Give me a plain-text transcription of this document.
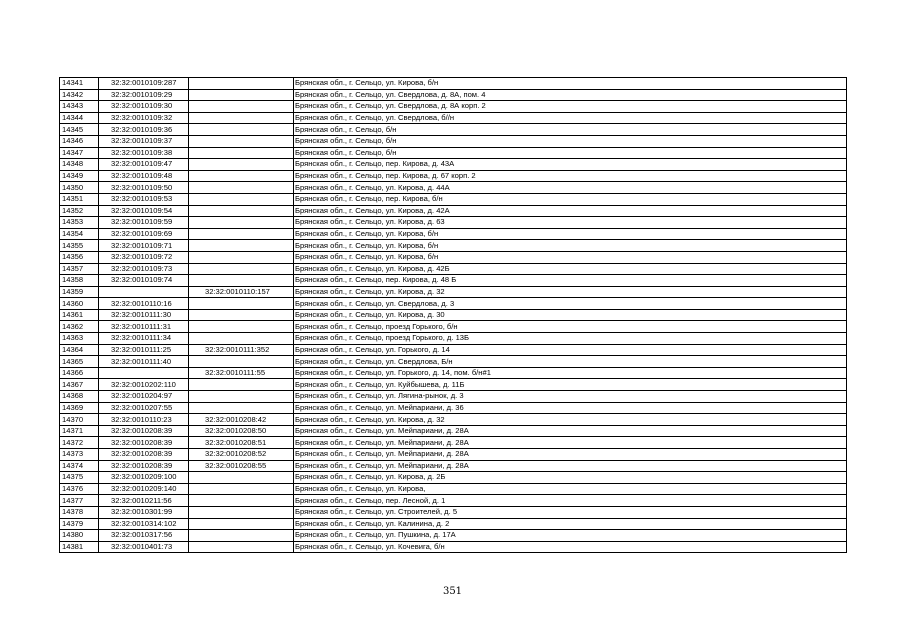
14341	32:32:0010109:287		Брянская обл., г. Сельцо, ул. Кирова, б/н
14342	32:32:0010109:29		Брянская обл., г. Сельцо, ул. Свердлова, д. 8А, пом. 4
14343	32:32:0010109:30		Брянская обл., г. Сельцо, ул. Свердлова, д. 8А корп. 2
14344	32:32:0010109:32		Брянская обл., г. Сельцо, ул. Свердлова, б//н
14345	32:32:0010109:36		Брянская обл., г. Сельцо, б/н
14346	32:32:0010109:37		Брянская обл., г. Сельцо, б/н
14347	32:32:0010109:38		Брянская обл., г. Сельцо, б/н
14348	32:32:0010109:47		Брянская обл., г. Сельцо, пер. Кирова, д. 43А
14349	32:32:0010109:48		Брянская обл., г. Сельцо, пер. Кирова, д. 67 корп. 2
14350	32:32:0010109:50		Брянская обл., г. Сельцо, ул. Кирова, д. 44А
14351	32:32:0010109:53		Брянская обл., г. Сельцо, пер. Кирова, б/н
14352	32:32:0010109:54		Брянская обл., г. Сельцо, ул. Кирова, д. 42А
14353	32:32:0010109:59		Брянская обл., г. Сельцо, ул. Кирова, д. 63
14354	32:32:0010109:69		Брянская обл., г. Сельцо, ул. Кирова, б/н
14355	32:32:0010109:71		Брянская обл., г. Сельцо, ул. Кирова, б/н
14356	32:32:0010109:72		Брянская обл., г. Сельцо, ул. Кирова, б/н
14357	32:32:0010109:73		Брянская обл., г. Сельцо, ул. Кирова, д. 42Б
14358	32:32:0010109:74		Брянская обл., г. Сельцо, пер. Кирова, д. 48 Б
14359		32:32:0010110:157	Брянская обл., г. Сельцо, ул. Кирова, д. 32
14360	32:32:0010110:16		Брянская обл., г. Сельцо, ул. Свердлова, д. 3
14361	32:32:0010111:30		Брянская обл., г. Сельцо, ул. Кирова, д. 30
14362	32:32:0010111:31		Брянская обл., г. Сельцо, проезд Горького, б/н
14363	32:32:0010111:34		Брянская обл., г. Сельцо, проезд Горького, д. 13Б
14364	32:32:0010111:25	32:32:0010111:352	Брянская обл., г. Сельцо, ул. Горького, д. 14
14365	32:32:0010111:40		Брянская обл., г. Сельцо, ул. Свердлова, Б/н
14366		32:32:0010111:55	Брянская обл., г. Сельцо, ул. Горького, д. 14, пом. б/н#1
14367	32:32:0010202:110		Брянская обл., г. Сельцо, ул. Куйбышева, д. 11Б
14368	32:32:0010204:97		Брянская обл., г. Сельцо, ул. Лягина-рынок, д. 3
14369	32:32:0010207:55		Брянская обл., г. Сельцо, ул. Мейпариани, д. 36
14370	32:32:0010110:23	32:32:0010208:42	Брянская обл., г. Сельцо, ул. Кирова, д. 32
14371	32:32:0010208:39	32:32:0010208:50	Брянская обл., г. Сельцо, ул. Мейпариани, д. 28А
14372	32:32:0010208:39	32:32:0010208:51	Брянская обл., г. Сельцо, ул. Мейпариани, д. 28А
14373	32:32:0010208:39	32:32:0010208:52	Брянская обл., г. Сельцо, ул. Мейпариани, д. 28А
14374	32:32:0010208:39	32:32:0010208:55	Брянская обл., г. Сельцо, ул. Мейпариани, д. 28А
14375	32:32:0010209:100		Брянская обл., г. Сельцо, ул. Кирова, д. 2Б
14376	32:32:0010209:140		Брянская обл., г. Сельцо, ул. Кирова,
14377	32:32:0010211:56		Брянская обл., г. Сельцо, пер. Лесной, д. 1
14378	32:32:0010301:99		Брянская обл., г. Сельцо, ул. Строителей, д. 5
14379	32:32:0010314:102		Брянская обл., г. Сельцо, ул. Калинина, д. 2
14380	32:32:0010317:56		Брянская обл., г. Сельцо, ул. Пушкина, д. 17А
14381	32:32:0010401:73		Брянская обл., г. Сельцо, ул. Кочевига, б/н
351
